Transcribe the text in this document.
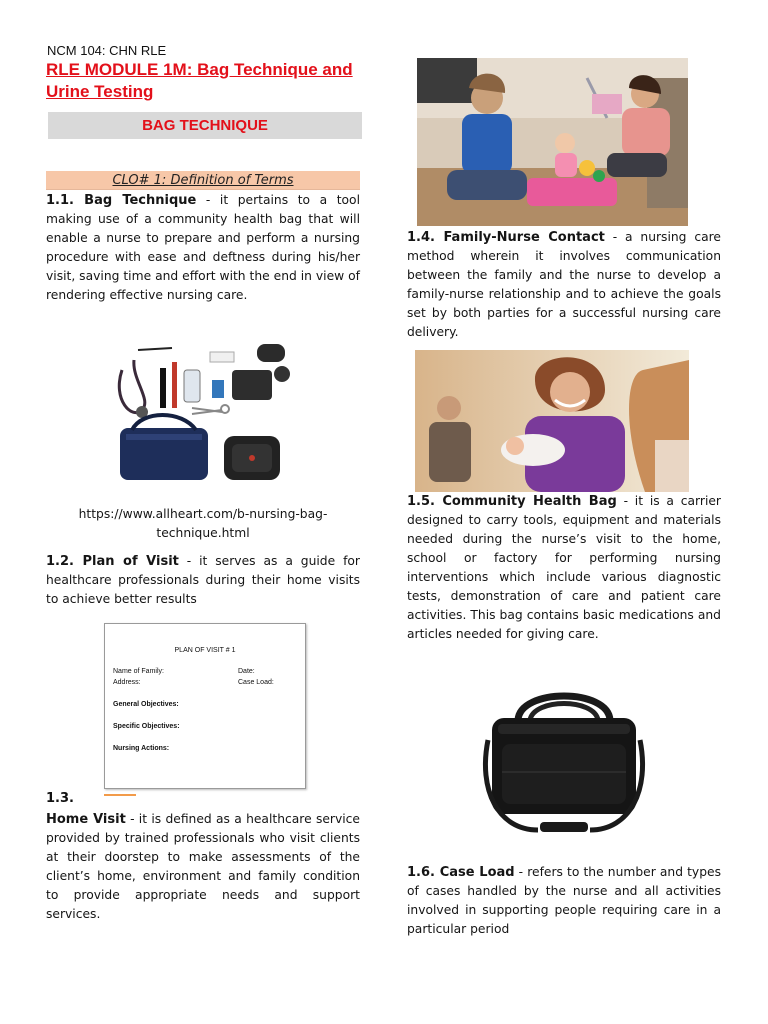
NCM 104: CHN RLE
RLE MODULE 1M: Bag Technique and Urine Testing
BAG TECHNIQUE
CLO# 1: Definition of Terms
1.1. Bag Technique - it pertains to a tool making use of a community health bag that will enable a nurse to prepare and perform a nursing procedure with ease and deftness during his/her visit, saving time and effort with the end in view of rendering effective nursing care.
https://www.allheart.com/b-nursing-bag-technique.html
1.2. Plan of Visit - it serves as a guide for healthcare professionals during their home visits to achieve better results
PLAN OF VISIT # 1
Name of Family:	Date:
Address:	Case Load:
General Objectives:
Specific Objectives:
Nursing Actions:
1.3.
Home Visit - it is defined as a healthcare service provided by trained professionals who visit clients at their doorstep to make assessments of the client’s home, environment and family condition to provide appropriate needs and support services.
1.4. Family-Nurse Contact - a nursing care method wherein it involves communication between the family and the nurse to develop a family-nurse relationship and to achieve the goals set by both parties for a successful nursing care delivery.
1.5. Community Health Bag - it is a carrier designed to carry tools, equipment and materials needed during the nurse’s visit to the home, school or factory for performing nursing interventions which include various diagnostic tests, demonstration of care and patient care activities. This bag contains basic medications and articles needed for giving care.
1.6. Case Load - refers to the number and types of cases handled by the nurse and all activities involved in supporting people requiring care in a particular period
